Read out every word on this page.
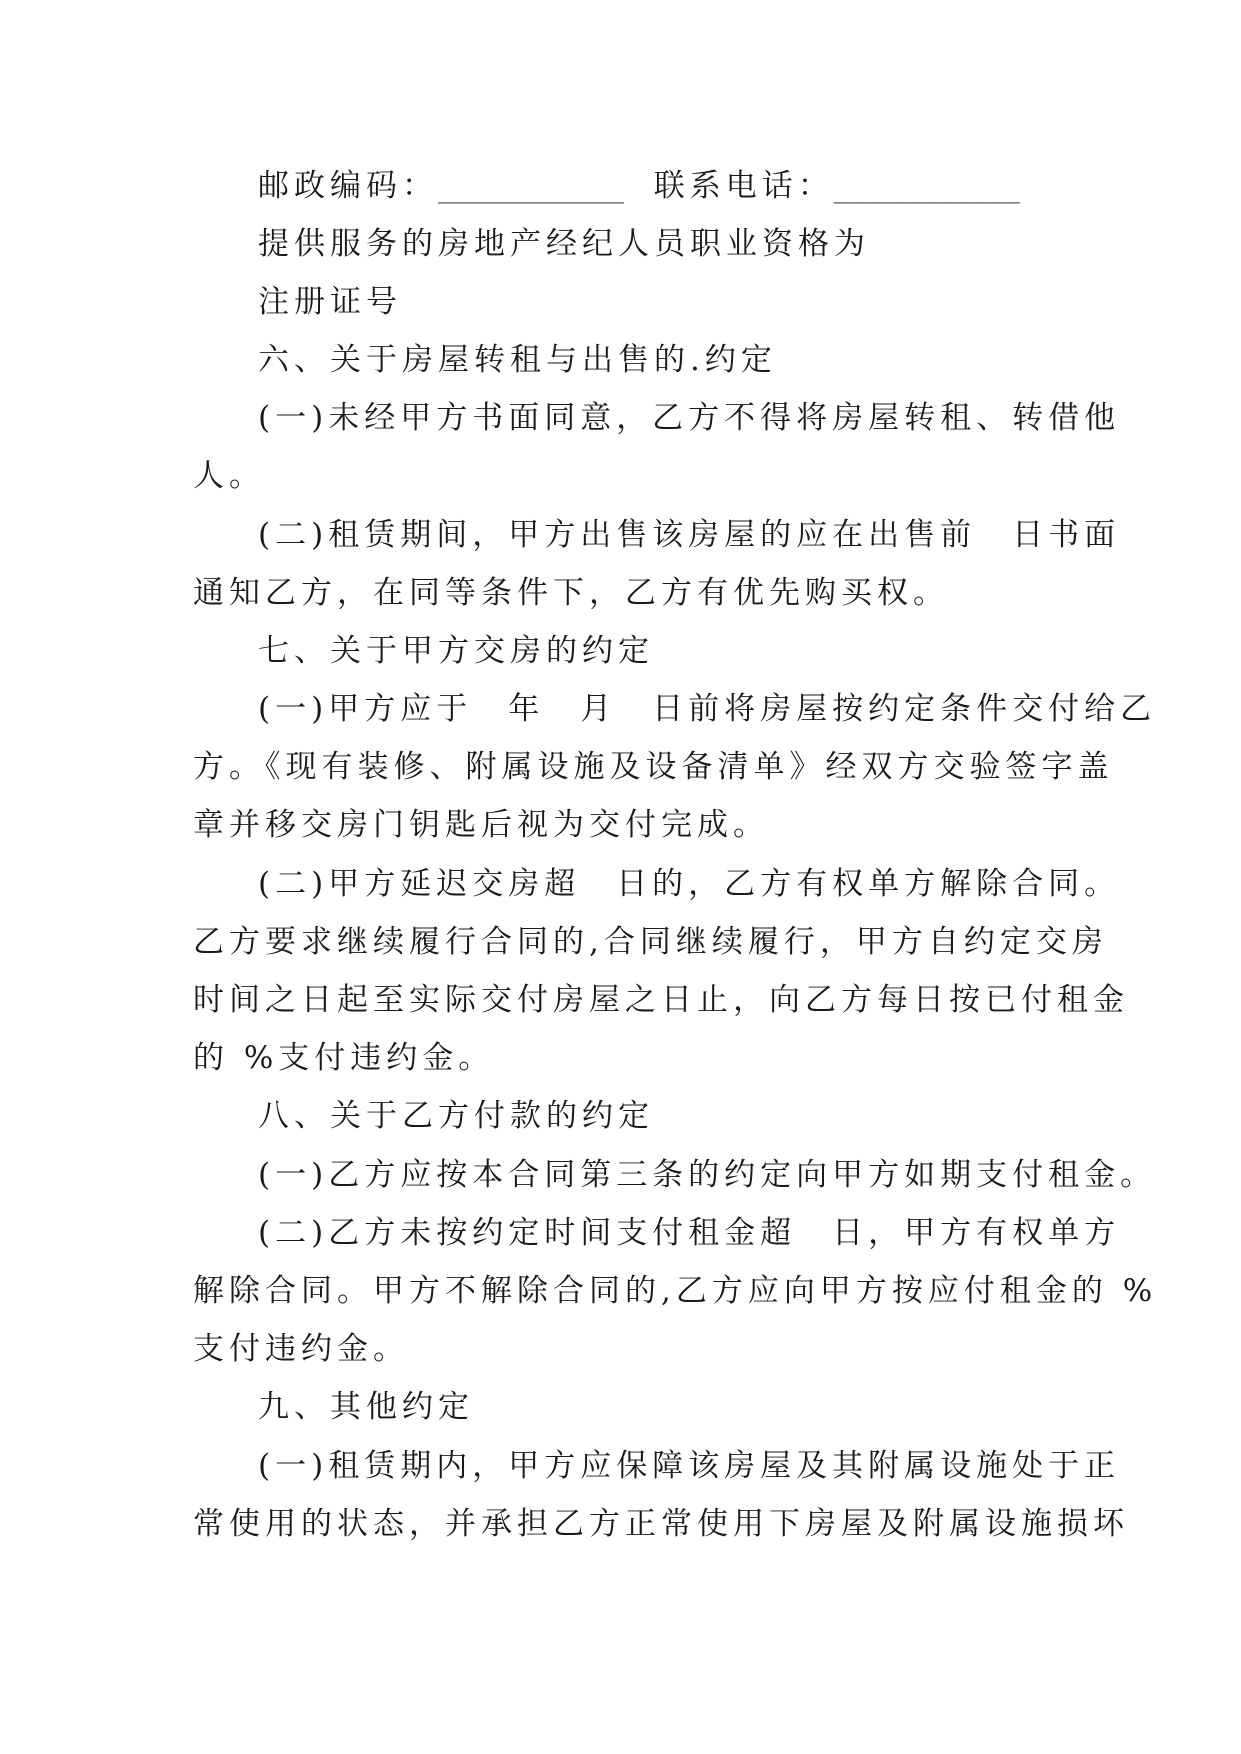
邮政编码：____________ 联系电话：____________
提供服务的房地产经纪人员职业资格为
注册证号
六、关于房屋转租与出售的.约定
(一)未经甲方书面同意，乙方不得将房屋转租、转借他
人。
(二)租赁期间，甲方出售该房屋的应在出售前　日书面
通知乙方，在同等条件下，乙方有优先购买权。
七、关于甲方交房的约定
(一)甲方应于　年　月　日前将房屋按约定条件交付给乙
方。《现有装修、附属设施及设备清单》经双方交验签字盖
章并移交房门钥匙后视为交付完成。
(二)甲方延迟交房超　日的，乙方有权单方解除合同。
乙方要求继续履行合同的,合同继续履行，甲方自约定交房
时间之日起至实际交付房屋之日止，向乙方每日按已付租金
的 %支付违约金。
八、关于乙方付款的约定
(一)乙方应按本合同第三条的约定向甲方如期支付租金。
(二)乙方未按约定时间支付租金超　日，甲方有权单方
解除合同。甲方不解除合同的,乙方应向甲方按应付租金的 %
支付违约金。
九、其他约定
(一)租赁期内，甲方应保障该房屋及其附属设施处于正
常使用的状态，并承担乙方正常使用下房屋及附属设施损坏
